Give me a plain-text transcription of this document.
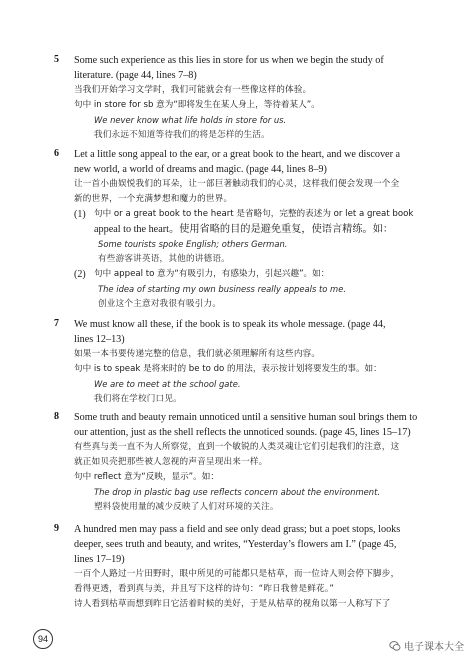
5 Some such experience as this lies in store for us when we begin the study of

literature. (page 44, lines 7–8)

当我们开始学习文学时，我们可能就会有一些像这样的体验。

句中 in store for sb 意为“即将发生在某人身上，等待着某人”。

We never know what life holds in store for us.

我们永远不知道等待我们的将是怎样的生活。

6 Let a little song appeal to the ear, or a great book to the heart, and we discover a

new world, a world of dreams and magic. (page 44, lines 8–9)

让一首小曲娱悦我们的耳朵，让一部巨著触动我们的心灵，这样我们便会发现一个全

新的世界，一个充满梦想和魔力的世界。

(1) 句中 or a great book to the heart 是省略句，完整的表述为 or let a great book

appeal to the heart。使用省略的目的是避免重复，使语言精练。如：

Some tourists spoke English; others German.

有些游客讲英语，其他的讲德语。

(2) 句中 appeal to 意为“有吸引力，有感染力，引起兴趣”。如：

The idea of starting my own business really appeals to me.

创业这个主意对我很有吸引力。

7 We must know all these, if the book is to speak its whole message. (page 44,

lines 12–13)

如果一本书要传递完整的信息，我们就必须理解所有这些内容。

句中 is to speak 是将来时的 be to do 的用法，表示按计划将要发生的事。如：

We are to meet at the school gate.

我们将在学校门口见。

8 Some truth and beauty remain unnoticed until a sensitive human soul brings them to

our attention, just as the shell reflects the unnoticed sounds. (page 45, lines 15–17)

有些真与美一直不为人所察觉，直到一个敏锐的人类灵魂让它们引起我们的注意，这

就正如贝壳把那些被人忽视的声音呈现出来一样。

句中 reflect 意为“反映，显示”。如：

The drop in plastic bag use reflects concern about the environment.

塑料袋使用量的减少反映了人们对环境的关注。

9 A hundred men may pass a field and see only dead grass; but a poet stops, looks

deeper, sees truth and beauty, and writes, “Yesterday’s flowers am I.” (page 45,

lines 17–19)

一百个人路过一片田野时，眼中所见的可能都只是枯草，而一位诗人则会停下脚步，

看得更透，看到真与美，并且写下这样的诗句：“昨日我曾是鲜花。”

诗人看到枯草而想到昨日它活着时候的美好，于是从枯草的视角以第一人称写下了

94
电子课本大全
